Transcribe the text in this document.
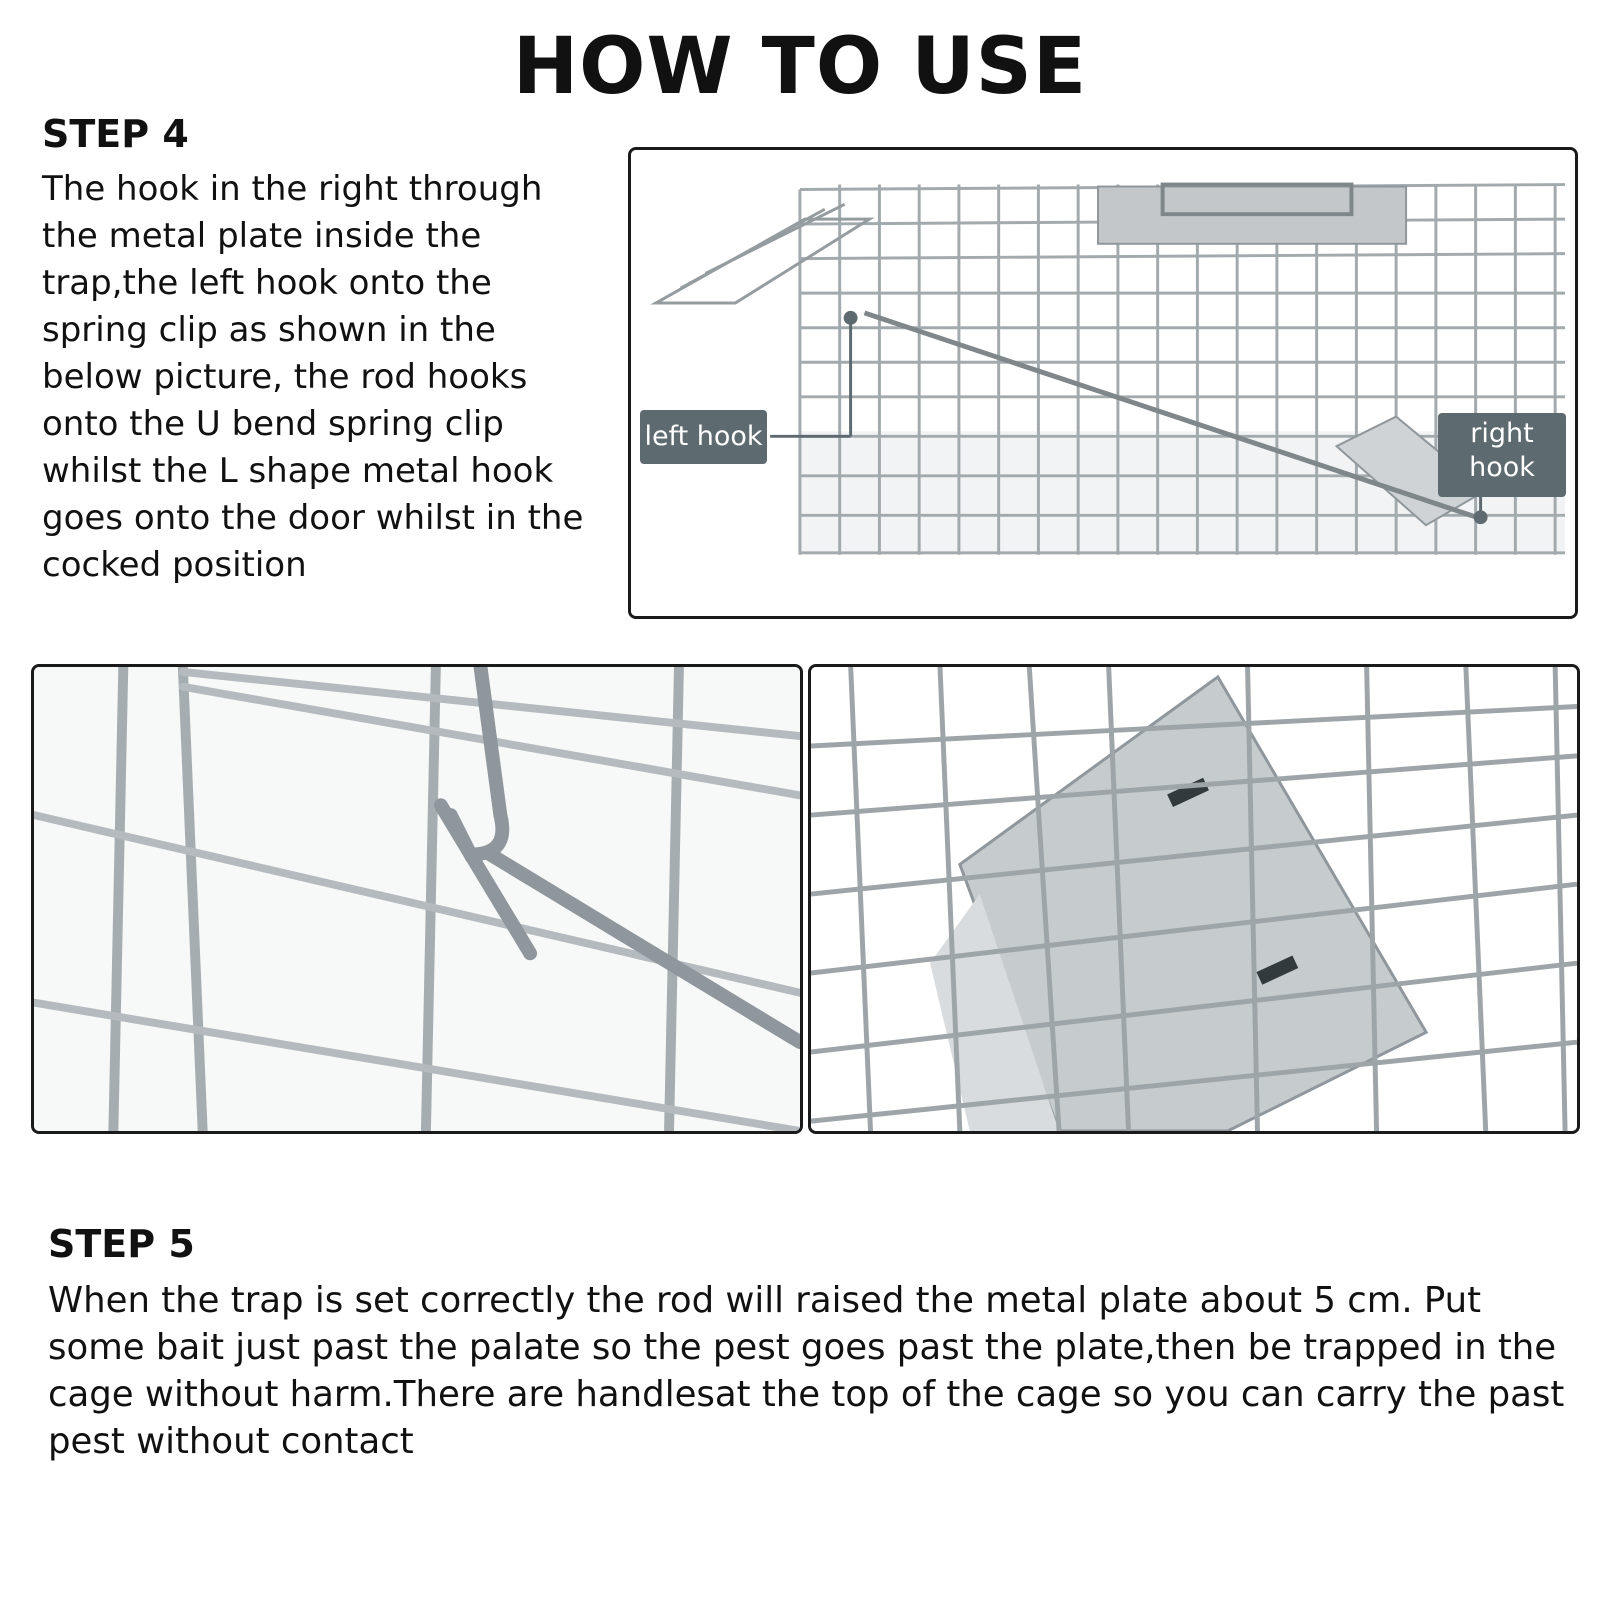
HOW TO USE
STEP 4
The hook in the right through the metal plate inside the trap,the left hook onto the spring clip as shown in the below picture, the rod hooks onto the U bend spring clip whilst the L shape metal hook goes onto the door whilst in the cocked position
left hook	right hook
STEP 5
When the trap is set correctly the rod will raised the metal plate about 5 cm. Put some bait just past the palate so the pest goes past the plate,then be trapped in the cage without harm.There are handlesat the top of the cage so you can carry the past pest without contact
